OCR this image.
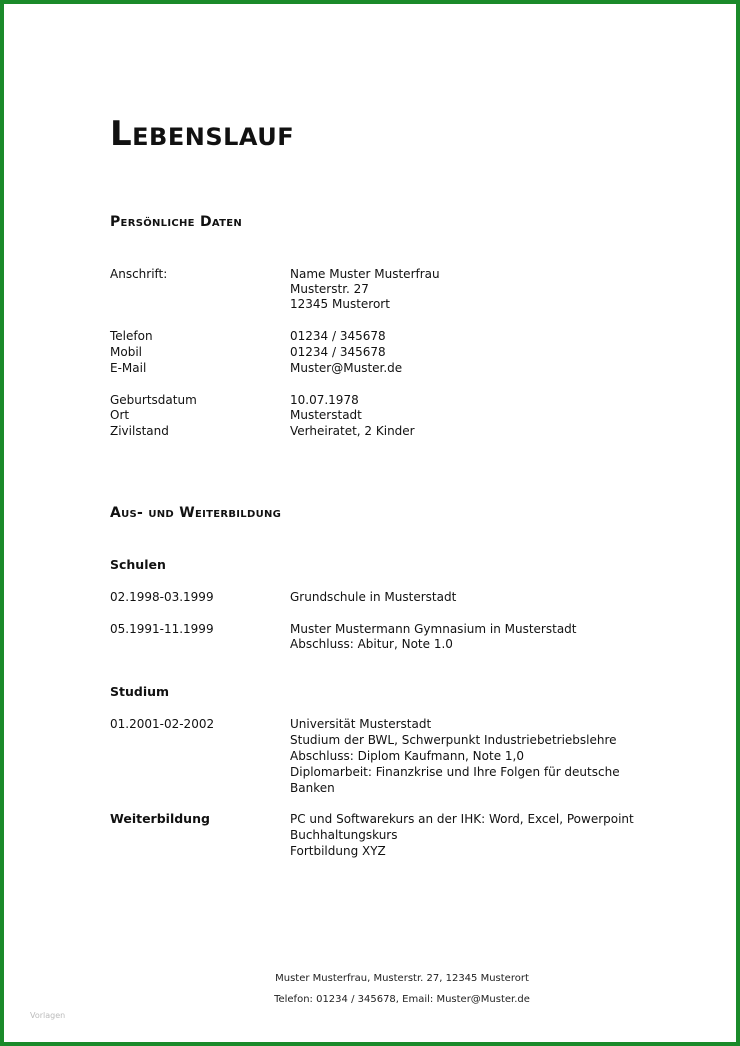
Lebenslauf
Persönliche Daten
Anschrift:	Name Muster Musterfrau
Musterstr. 27
12345 Musterort
Telefon	01234 / 345678
Mobil	01234 / 345678
E-Mail	Muster@Muster.de
Geburtsdatum	10.07.1978
Ort	Musterstadt
Zivilstand	Verheiratet, 2 Kinder
Aus- und Weiterbildung
Schulen
02.1998-03.1999	Grundschule in Musterstadt
05.1991-11.1999	Muster Mustermann Gymnasium in Musterstadt
Abschluss: Abitur, Note 1.0
Studium
01.2001-02-2002	Universität Musterstadt
Studium der BWL, Schwerpunkt Industriebetriebslehre
Abschluss: Diplom Kaufmann, Note 1,0
Diplomarbeit: Finanzkrise und Ihre Folgen für deutsche
Banken
Weiterbildung	PC und Softwarekurs an der IHK: Word, Excel, Powerpoint
Buchhaltungskurs
Fortbildung XYZ
Muster Musterfrau, Musterstr. 27, 12345 Musterort
Telefon: 01234 / 345678, Email: Muster@Muster.de
Vorlagen
